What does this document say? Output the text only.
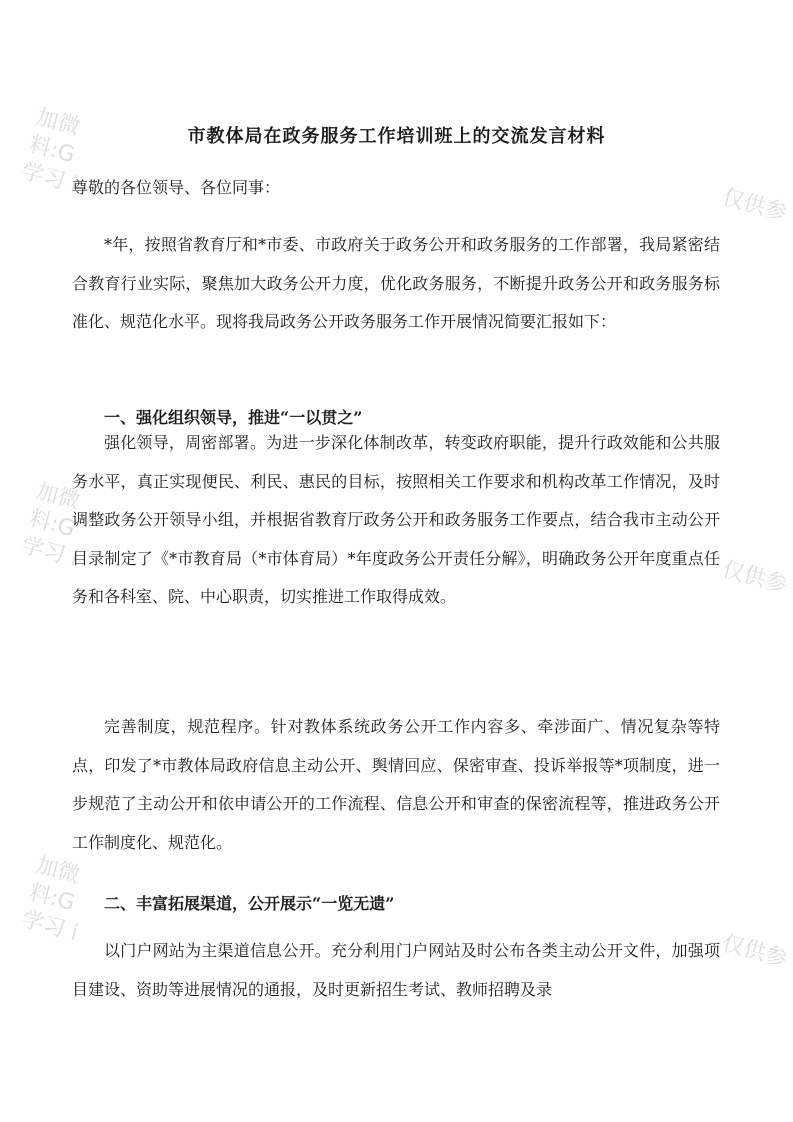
加微
料:G
学习 i
仅供参
加微
料:G
学习 i
仅供参
加微
料:G
学习 i
仅供参
市教体局在政务服务工作培训班上的交流发言材料
尊敬的各位领导、各位同事：

*年，按照省教育厅和*市委、市政府关于政务公开和政务服务的工作部署，我局紧密结合教育行业实际，聚焦加大政务公开力度，优化政务服务，不断提升政务公开和政务服务标准化、规范化水平。现将我局政务公开政务服务工作开展情况简要汇报如下：

一、强化组织领导，推进“一以贯之”

强化领导，周密部署。为进一步深化体制改革，转变政府职能，提升行政效能和公共服务水平，真正实现便民、利民、惠民的目标，按照相关工作要求和机构改革工作情况，及时调整政务公开领导小组，并根据省教育厅政务公开和政务服务工作要点，结合我市主动公开目录制定了《*市教育局（*市体育局）*年度政务公开责任分解》，明确政务公开年度重点任务和各科室、院、中心职责，切实推进工作取得成效。

完善制度，规范程序。针对教体系统政务公开工作内容多、牵涉面广、情况复杂等特点，印发了*市教体局政府信息主动公开、舆情回应、保密审查、投诉举报等*项制度，进一步规范了主动公开和依申请公开的工作流程、信息公开和审查的保密流程等，推进政务公开工作制度化、规范化。

二、丰富拓展渠道，公开展示“一览无遗”

以门户网站为主渠道信息公开。充分利用门户网站及时公布各类主动公开文件，加强项目建设、资助等进展情况的通报，及时更新招生考试、教师招聘及录
